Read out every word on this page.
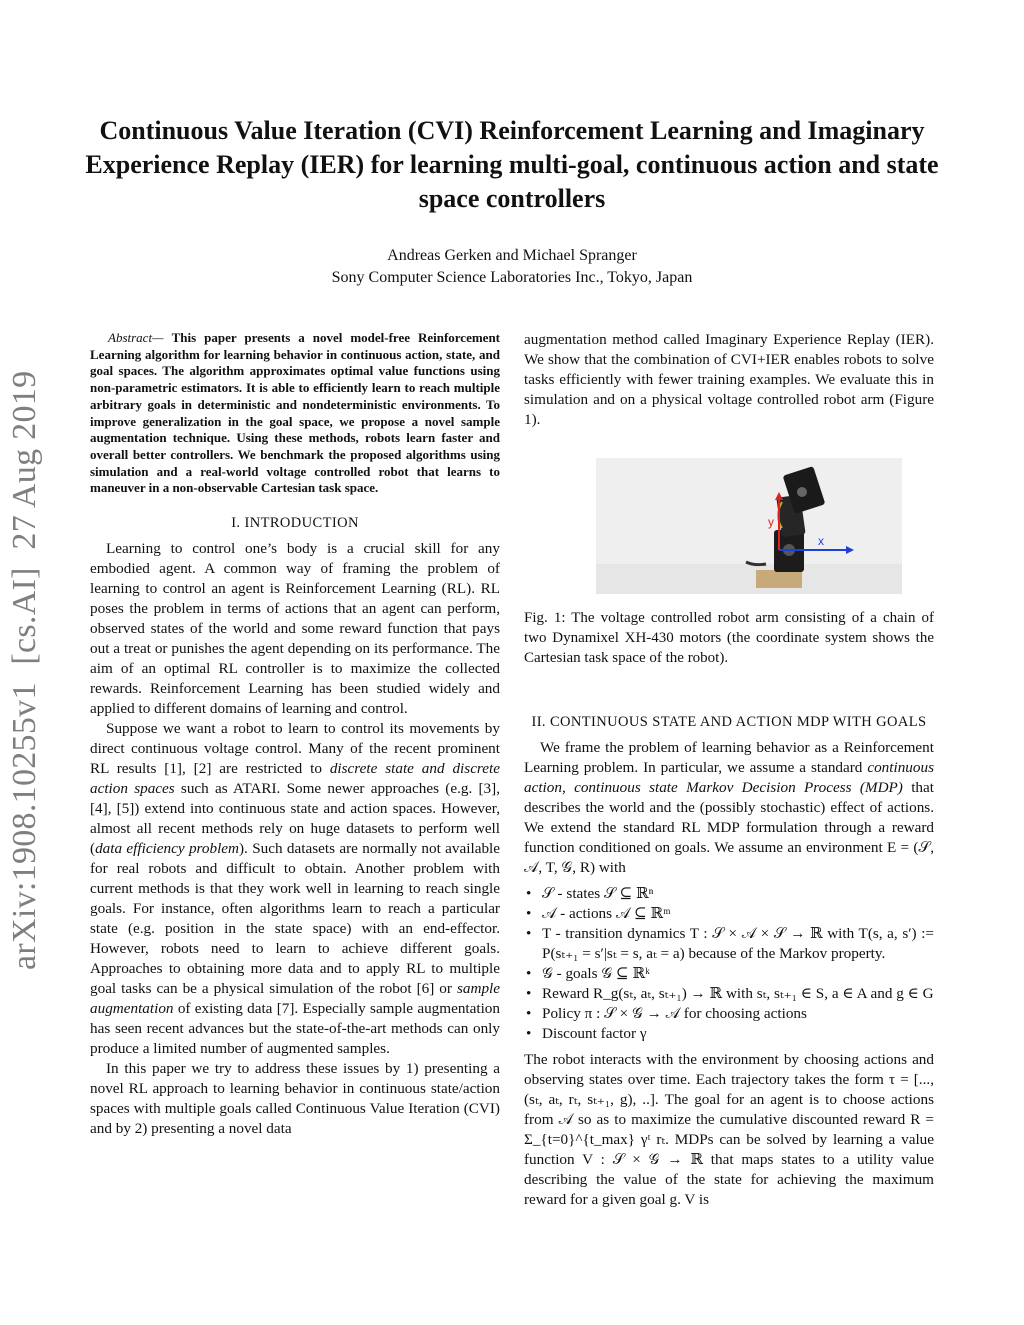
arXiv:1908.10255v1  [cs.AI]  27 Aug 2019
Continuous Value Iteration (CVI) Reinforcement Learning and Imaginary Experience Replay (IER) for learning multi-goal, continuous action and state space controllers
Andreas Gerken and Michael Spranger
Sony Computer Science Laboratories Inc., Tokyo, Japan

Abstract— This paper presents a novel model-free Reinforcement Learning algorithm for learning behavior in continuous action, state, and goal spaces. The algorithm approximates optimal value functions using non-parametric estimators. It is able to efficiently learn to reach multiple arbitrary goals in deterministic and nondeterministic environments. To improve generalization in the goal space, we propose a novel sample augmentation technique. Using these methods, robots learn faster and overall better controllers. We benchmark the proposed algorithms using simulation and a real-world voltage controlled robot that learns to maneuver in a non-observable Cartesian task space.

I. INTRODUCTION

Learning to control one’s body is a crucial skill for any embodied agent. A common way of framing the problem of learning to control an agent is Reinforcement Learning (RL). RL poses the problem in terms of actions that an agent can perform, observed states of the world and some reward function that pays out a treat or punishes the agent depending on its performance. The aim of an optimal RL controller is to maximize the collected rewards. Reinforcement Learning has been studied widely and applied to different domains of learning and control.

Suppose we want a robot to learn to control its movements by direct continuous voltage control. Many of the recent prominent RL results [1], [2] are restricted to discrete state and discrete action spaces such as ATARI. Some newer approaches (e.g. [3], [4], [5]) extend into continuous state and action spaces. However, almost all recent methods rely on huge datasets to perform well (data efficiency problem). Such datasets are normally not available for real robots and difficult to obtain. Another problem with current methods is that they work well in learning to reach single goals. For instance, often algorithms learn to reach a particular state (e.g. position in the state space) with an end-effector. However, robots need to learn to achieve different goals. Approaches to obtaining more data and to apply RL to multiple goal tasks can be a physical simulation of the robot [6] or sample augmentation of existing data [7]. Especially sample augmentation has seen recent advances but the state-of-the-art methods can only produce a limited number of augmented samples.

In this paper we try to address these issues by 1) presenting a novel RL approach to learning behavior in continuous state/action spaces with multiple goals called Continuous Value Iteration (CVI) and by 2) presenting a novel data

augmentation method called Imaginary Experience Replay (IER). We show that the combination of CVI+IER enables robots to solve tasks efficiently with fewer training examples. We evaluate this in simulation and on a physical voltage controlled robot arm (Figure 1).

y
x
Fig. 1: The voltage controlled robot arm consisting of a chain of two Dynamixel XH-430 motors (the coordinate system shows the Cartesian task space of the robot).
II. CONTINUOUS STATE AND ACTION MDP WITH GOALS

We frame the problem of learning behavior as a Reinforcement Learning problem. In particular, we assume a standard continuous action, continuous state Markov Decision Process (MDP) that describes the world and the (possibly stochastic) effect of actions. We extend the standard RL MDP formulation through a reward function conditioned on goals. We assume an environment E = (𝒮, 𝒜, T, 𝒢, R) with

• 𝒮 - states 𝒮 ⊆ ℝⁿ
• 𝒜 - actions 𝒜 ⊆ ℝᵐ
• T - transition dynamics T : 𝒮 × 𝒜 × 𝒮 → ℝ with T(s, a, s′) := P(sₜ₊₁ = s′|sₜ = s, aₜ = a) because of the Markov property.
• 𝒢 - goals 𝒢 ⊆ ℝᵏ
• Reward R_g(sₜ, aₜ, sₜ₊₁) → ℝ with sₜ, sₜ₊₁ ∈ S, a ∈ A and g ∈ G
• Policy π : 𝒮 × 𝒢 → 𝒜 for choosing actions
• Discount factor γ

The robot interacts with the environment by choosing actions and observing states over time. Each trajectory takes the form τ = [..., (sₜ, aₜ, rₜ, sₜ₊₁, g), ..]. The goal for an agent is to choose actions from 𝒜 so as to maximize the cumulative discounted reward R = Σ_{t=0}^{t_max} γᵗ rₜ. MDPs can be solved by learning a value function V : 𝒮 × 𝒢 → ℝ that maps states to a utility value describing the value of the state for achieving the maximum reward for a given goal g. V is
